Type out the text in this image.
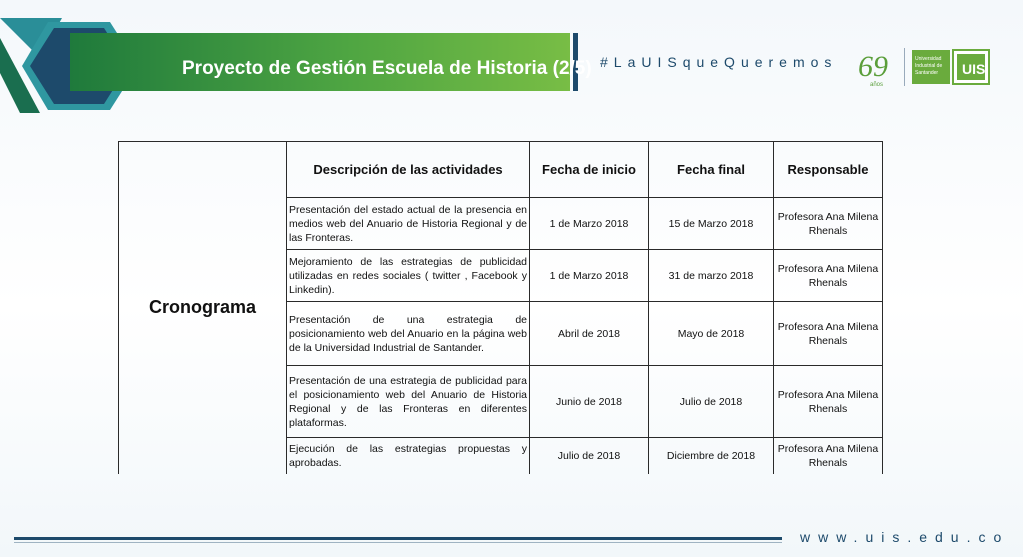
Proyecto de Gestión Escuela de Historia (2/5) #LaUISqueQueremos 69
años
Universidad Industrial de Santander	UIS
Cronograma	Descripción de las actividades	Fecha de inicio	Fecha final	Responsable
	Presentación del estado actual de la presencia en medios web del Anuario de Historia Regional y de las Fronteras.	1 de Marzo 2018	15 de Marzo 2018	Profesora Ana Milena Rhenals
	Mejoramiento de las estrategias de publicidad utilizadas en redes sociales ( twitter , Facebook y Linkedin).	1 de Marzo 2018	31 de marzo 2018	Profesora Ana Milena Rhenals
	Presentación de una estrategia de posicionamiento web del Anuario en la página web de la Universidad Industrial de Santander.	Abril de 2018	Mayo de 2018	Profesora Ana Milena Rhenals
	Presentación de una estrategia de publicidad para el posicionamiento web del Anuario de Historia Regional y de las Fronteras en diferentes plataformas.	Junio de 2018	Julio de 2018	Profesora Ana Milena Rhenals
	Ejecución de las estrategias propuestas y aprobadas.	Julio de 2018	Diciembre de 2018	Profesora Ana Milena Rhenals
www.uis.edu.co
